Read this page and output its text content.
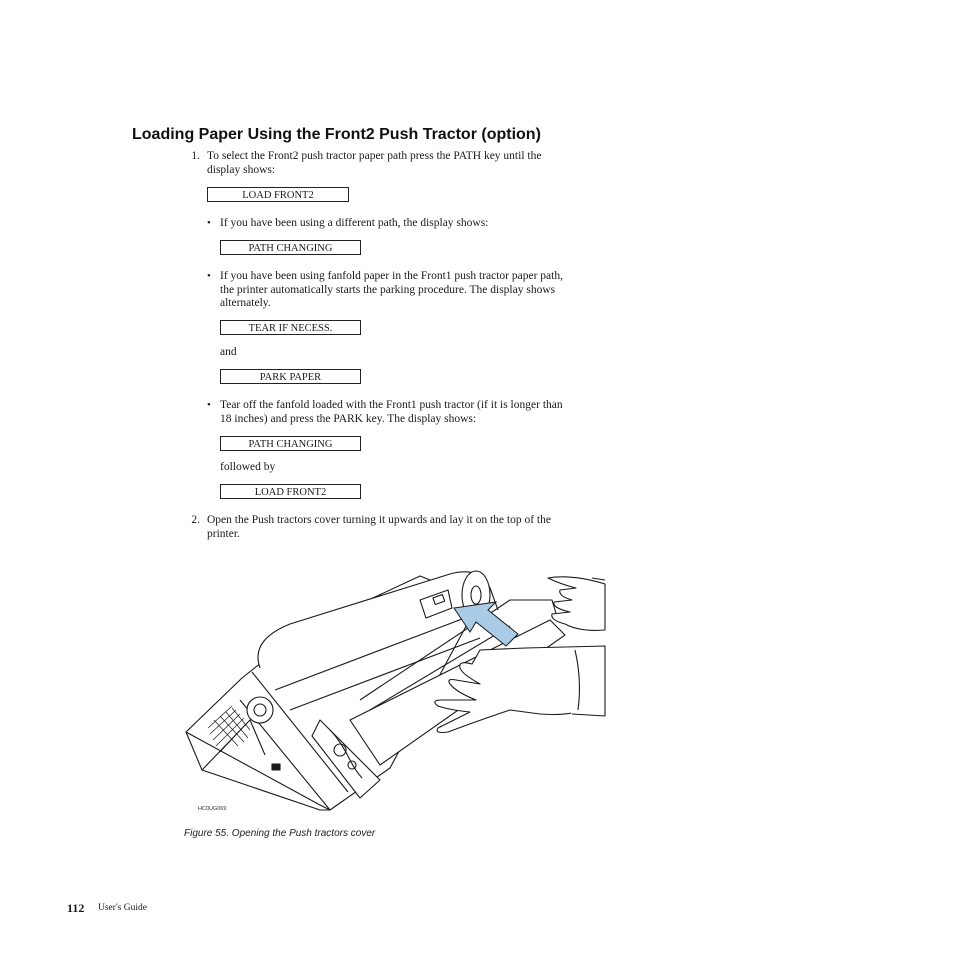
Loading Paper Using the Front2 Push Tractor (option)
1. To select the Front2 push tractor paper path press the PATH key until the
display shows:
LOAD FRONT2
• If you have been using a different path, the display shows:
PATH CHANGING
• If you have been using fanfold paper in the Front1 push tractor paper path,
the printer automatically starts the parking procedure. The display shows
alternately.
TEAR IF NECESS.
and
PARK PAPER
• Tear off the fanfold loaded with the Front1 push tractor (if it is longer than
18 inches) and press the PARK key. The display shows:
PATH CHANGING
followed by
LOAD FRONT2
2. Open the Push tractors cover turning it upwards and lay it on the top of the
printer.
HC0UG069
Figure 55. Opening the Push tractors cover
112 User's Guide
